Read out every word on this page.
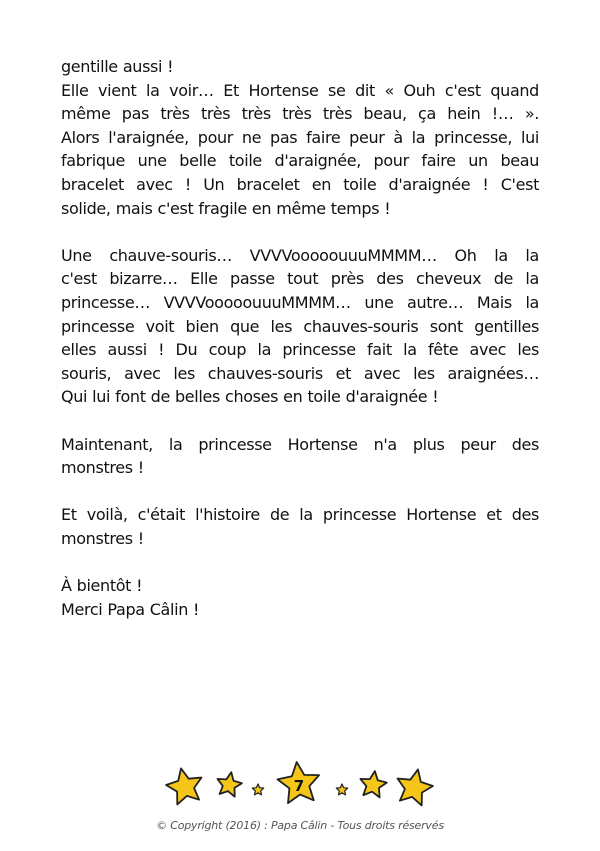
gentille aussi !
Elle vient la voir… Et Hortense se dit « Ouh c'est quand
même pas très très très très très beau, ça hein !… ».
Alors l'araignée, pour ne pas faire peur à la princesse, lui
fabrique une belle toile d'araignée, pour faire un beau
bracelet avec ! Un bracelet en toile d'araignée ! C'est
solide, mais c'est fragile en même temps !
Une chauve-souris… VVVVooooouuuMMMM… Oh la la
c'est bizarre… Elle passe tout près des cheveux de la
princesse… VVVVooooouuuMMMM… une autre… Mais la
princesse voit bien que les chauves-souris sont gentilles
elles aussi ! Du coup la princesse fait la fête avec les
souris, avec les chauves-souris et avec les araignées…
Qui lui font de belles choses en toile d'araignée !
Maintenant, la princesse Hortense n'a plus peur des
monstres !
Et voilà, c'était l'histoire de la princesse Hortense et des
monstres !
À bientôt !
Merci Papa Câlin !
7
© Copyright (2016) : Papa Câlin - Tous droits réservés
